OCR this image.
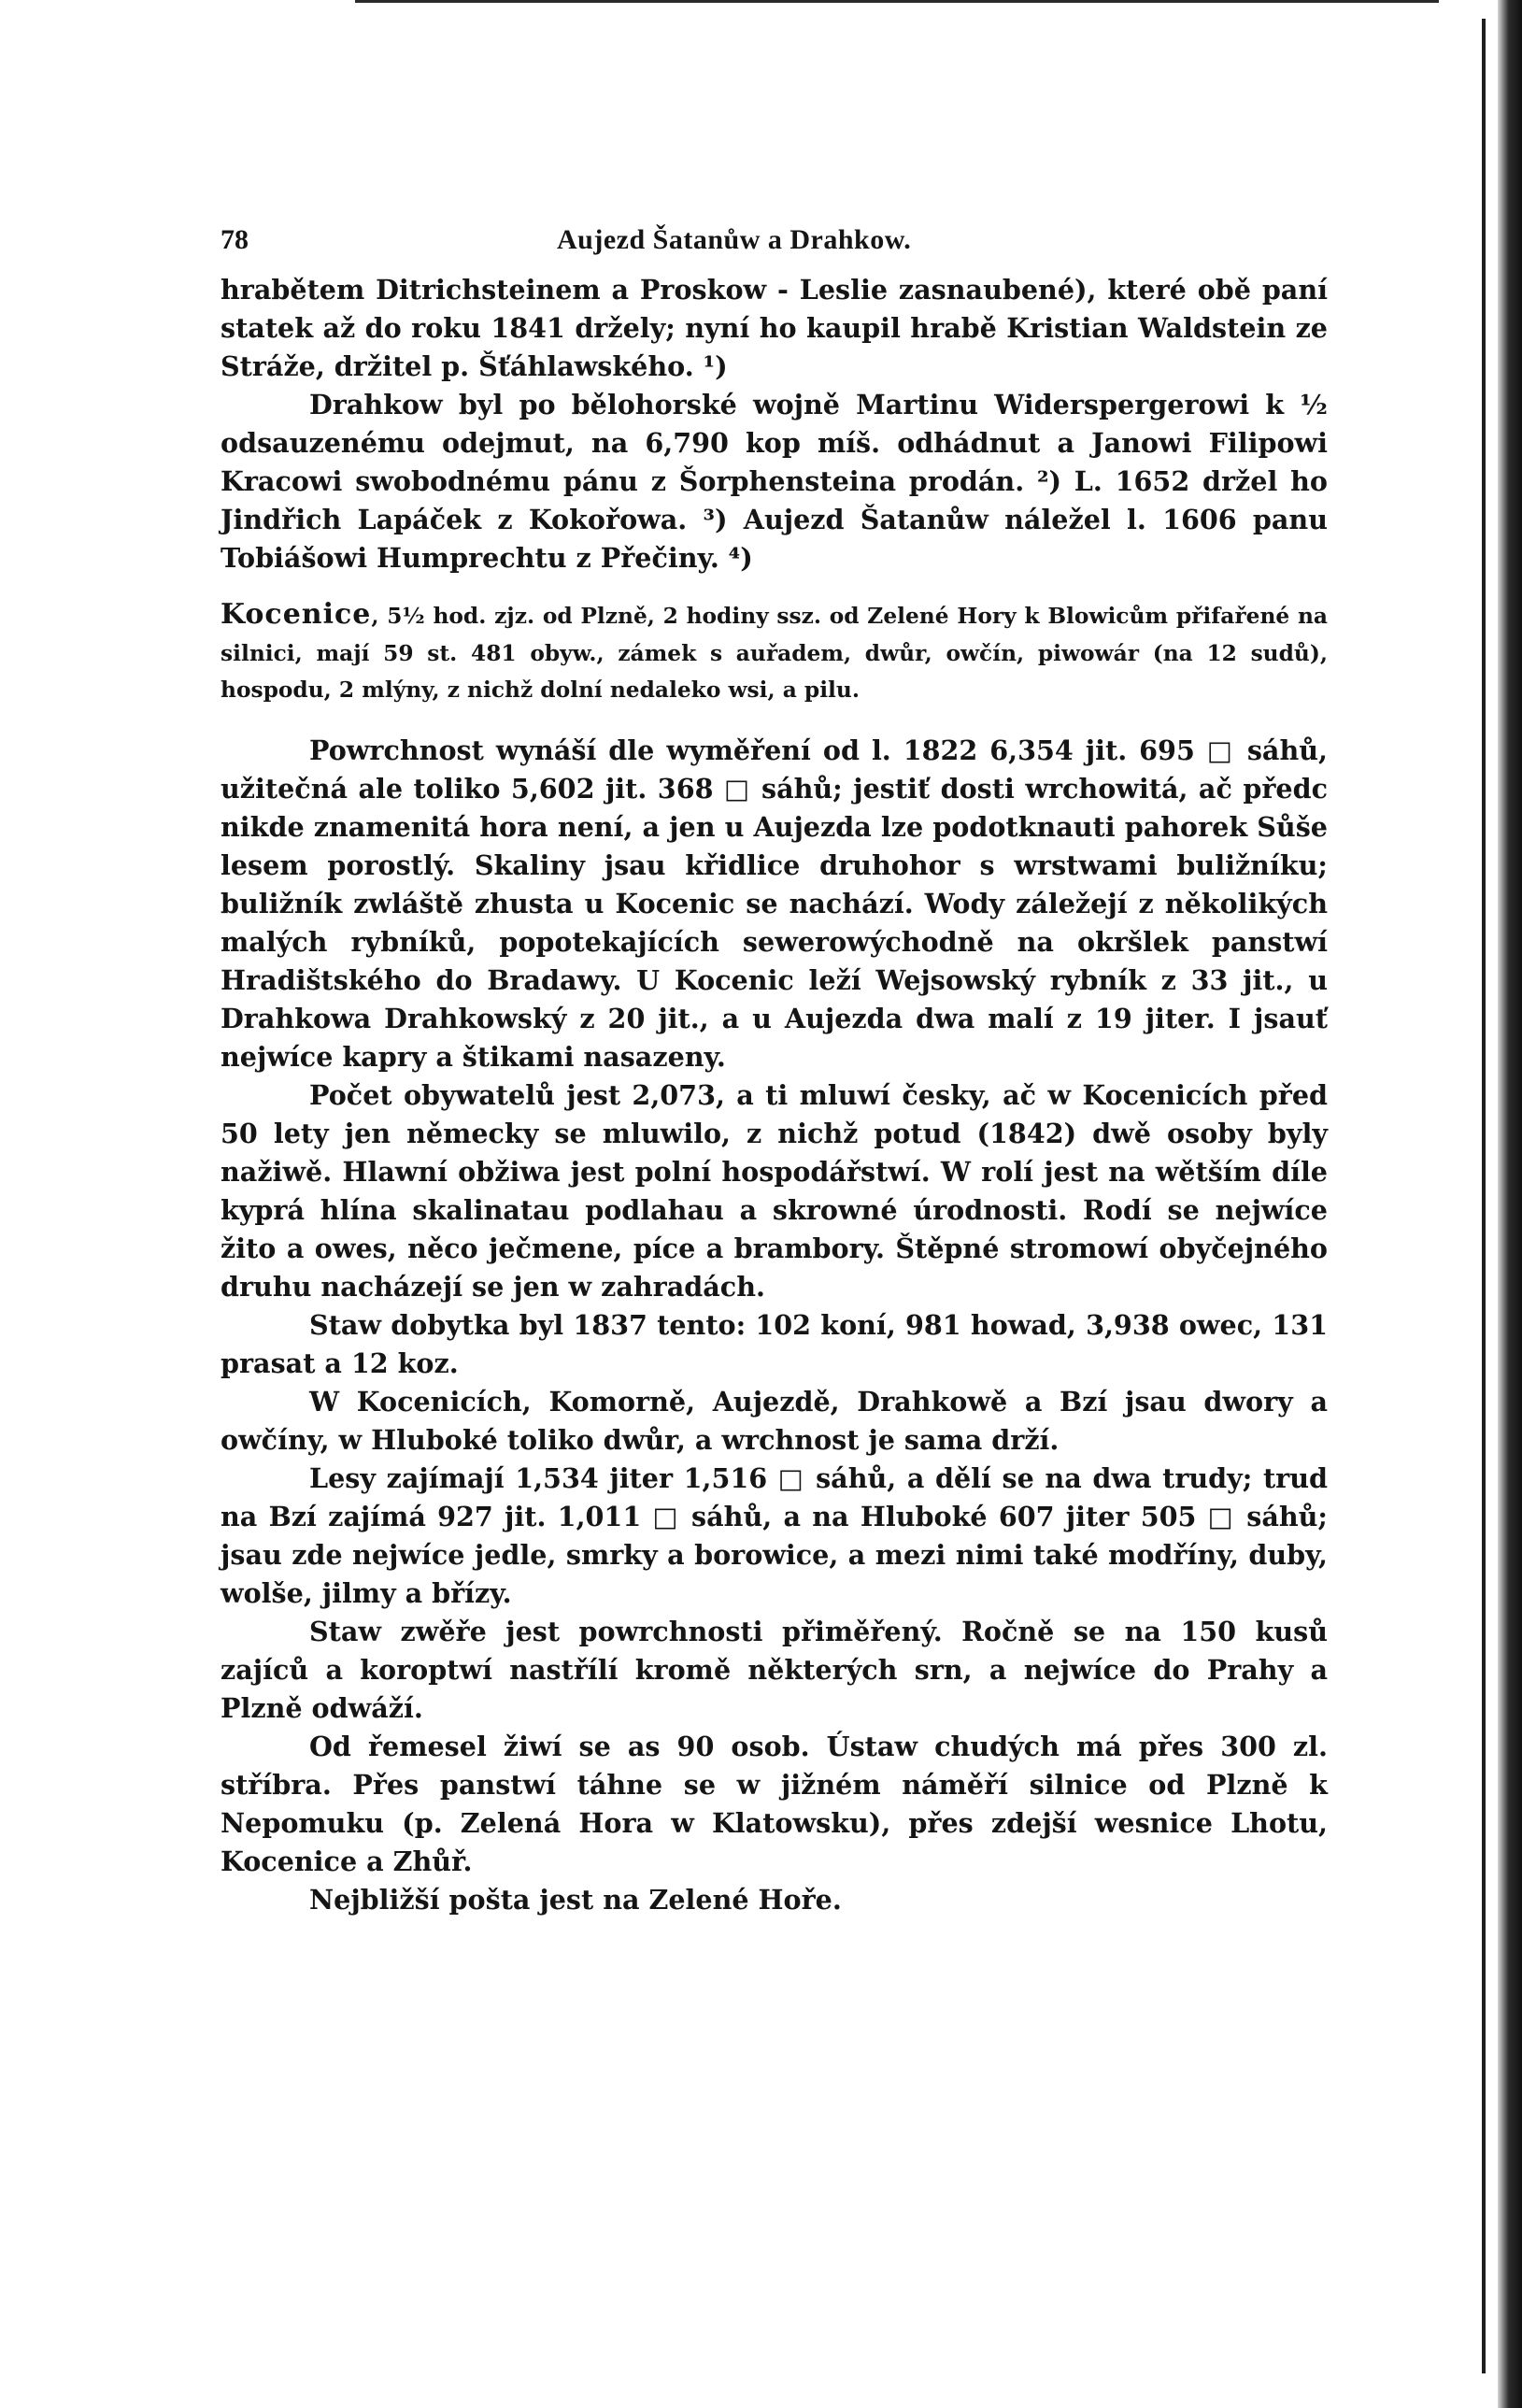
78	Aujezd Šatanůw a Drahkow.

hrabětem Ditrichsteinem a Proskow - Leslie zasnaubené), které obě paní statek až do roku 1841 držely; nyní ho kaupil hrabě Kristian Waldstein ze Stráže, držitel p. Šťáhlawského. ¹)

Drahkow byl po bělohorské wojně Martinu Widerspergerowi k ½ odsauzenému odejmut, na 6,790 kop míš. odhádnut a Janowi Filipowi Kracowi swobodnému pánu z Šorphensteina prodán. ²) L. 1652 držel ho Jindřich Lapáček z Kokořowa. ³) Aujezd Šatanůw náležel l. 1606 panu Tobiášowi Humprechtu z Přečiny. ⁴)

Kocenice, 5½ hod. zjz. od Plzně, 2 hodiny ssz. od Zelené Hory k Blowicům přifařené na silnici, mají 59 st. 481 obyw., zámek s auřadem, dwůr, owčín, piwowár (na 12 sudů), hospodu, 2 mlýny, z nichž dolní nedaleko wsi, a pilu.

Powrchnost wynáší dle wyměření od l. 1822 6,354 jit. 695 □ sáhů, užitečná ale toliko 5,602 jit. 368 □ sáhů; jestiť dosti wrchowitá, ač předc nikde znamenitá hora není, a jen u Aujezda lze podotknauti pahorek Sůše lesem porostlý. Skaliny jsau křidlice druhohor s wrstwami buližníku; buližník zwláště zhusta u Kocenic se nachází. Wody záležejí z několikých malých rybníků, popotekajících sewerowýchodně na okršlek panstwí Hradištského do Bradawy. U Kocenic leží Wejsowský rybník z 33 jit., u Drahkowa Drahkowský z 20 jit., a u Aujezda dwa malí z 19 jiter. I jsauť nejwíce kapry a štikami nasazeny.

Počet obywatelů jest 2,073, a ti mluwí česky, ač w Kocenicích před 50 lety jen německy se mluwilo, z nichž potud (1842) dwě osoby byly nažiwě. Hlawní obžiwa jest polní hospodářstwí. W rolí jest na wětším díle kyprá hlína skalinatau podlahau a skrowné úrodnosti. Rodí se nejwíce žito a owes, něco ječmene, píce a brambory. Štěpné stromowí obyčejného druhu nacházejí se jen w zahradách.

Staw dobytka byl 1837 tento: 102 koní, 981 howad, 3,938 owec, 131 prasat a 12 koz.

W Kocenicích, Komorně, Aujezdě, Drahkowě a Bzí jsau dwory a owčíny, w Hluboké toliko dwůr, a wrchnost je sama drží.

Lesy zajímají 1,534 jiter 1,516 □ sáhů, a dělí se na dwa trudy; trud na Bzí zajímá 927 jit. 1,011 □ sáhů, a na Hluboké 607 jiter 505 □ sáhů; jsau zde nejwíce jedle, smrky a borowice, a mezi nimi také modříny, duby, wolše, jilmy a břízy.

Staw zwěře jest powrchnosti přiměřený. Ročně se na 150 kusů zajíců a koroptwí nastřílí kromě některých srn, a nejwíce do Prahy a Plzně odwáží.

Od řemesel žiwí se as 90 osob. Ústaw chudých má přes 300 zl. stříbra. Přes panstwí táhne se w jižném náměří silnice od Plzně k Nepomuku (p. Zelená Hora w Klatowsku), přes zdejší wesnice Lhotu, Kocenice a Zhůř.

Nejbližší pošta jest na Zelené Hoře.
